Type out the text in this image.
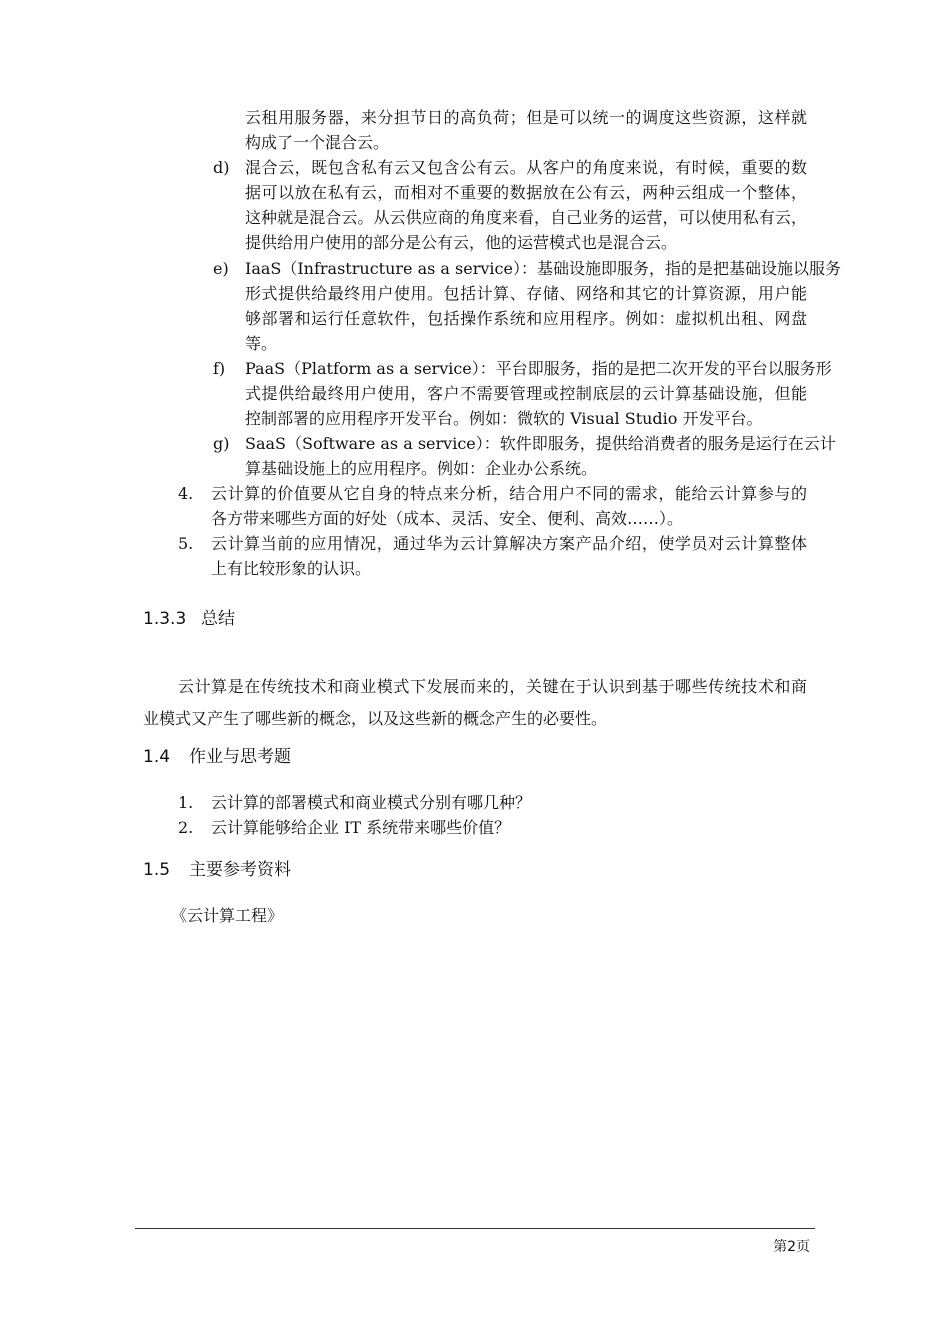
云租用服务器，来分担节日的高负荷；但是可以统一的调度这些资源，这样就
构成了一个混合云。
d) 混合云，既包含私有云又包含公有云。从客户的角度来说，有时候，重要的数
据可以放在私有云，而相对不重要的数据放在公有云，两种云组成一个整体，
这种就是混合云。从云供应商的角度来看，自己业务的运营，可以使用私有云，
提供给用户使用的部分是公有云，他的运营模式也是混合云。
e) IaaS（Infrastructure as a service）：基础设施即服务，指的是把基础设施以服务
形式提供给最终用户使用。包括计算、存储、网络和其它的计算资源，用户能
够部署和运行任意软件，包括操作系统和应用程序。例如：虚拟机出租、网盘
等。
f) PaaS（Platform as a service）：平台即服务，指的是把二次开发的平台以服务形
式提供给最终用户使用，客户不需要管理或控制底层的云计算基础设施，但能
控制部署的应用程序开发平台。例如：微软的 Visual Studio 开发平台。
g) SaaS（Software as a service）：软件即服务，提供给消费者的服务是运行在云计
算基础设施上的应用程序。例如：企业办公系统。
4. 云计算的价值要从它自身的特点来分析，结合用户不同的需求，能给云计算参与的
各方带来哪些方面的好处（成本、灵活、安全、便利、高效……）。
5. 云计算当前的应用情况，通过华为云计算解决方案产品介绍，使学员对云计算整体
上有比较形象的认识。
1.3.3 总结
云计算是在传统技术和商业模式下发展而来的，关键在于认识到基于哪些传统技术和商
业模式又产生了哪些新的概念，以及这些新的概念产生的必要性。
1.4 作业与思考题
1. 云计算的部署模式和商业模式分别有哪几种？
2. 云计算能够给企业 IT 系统带来哪些价值？
1.5 主要参考资料
《云计算工程》
第2页
